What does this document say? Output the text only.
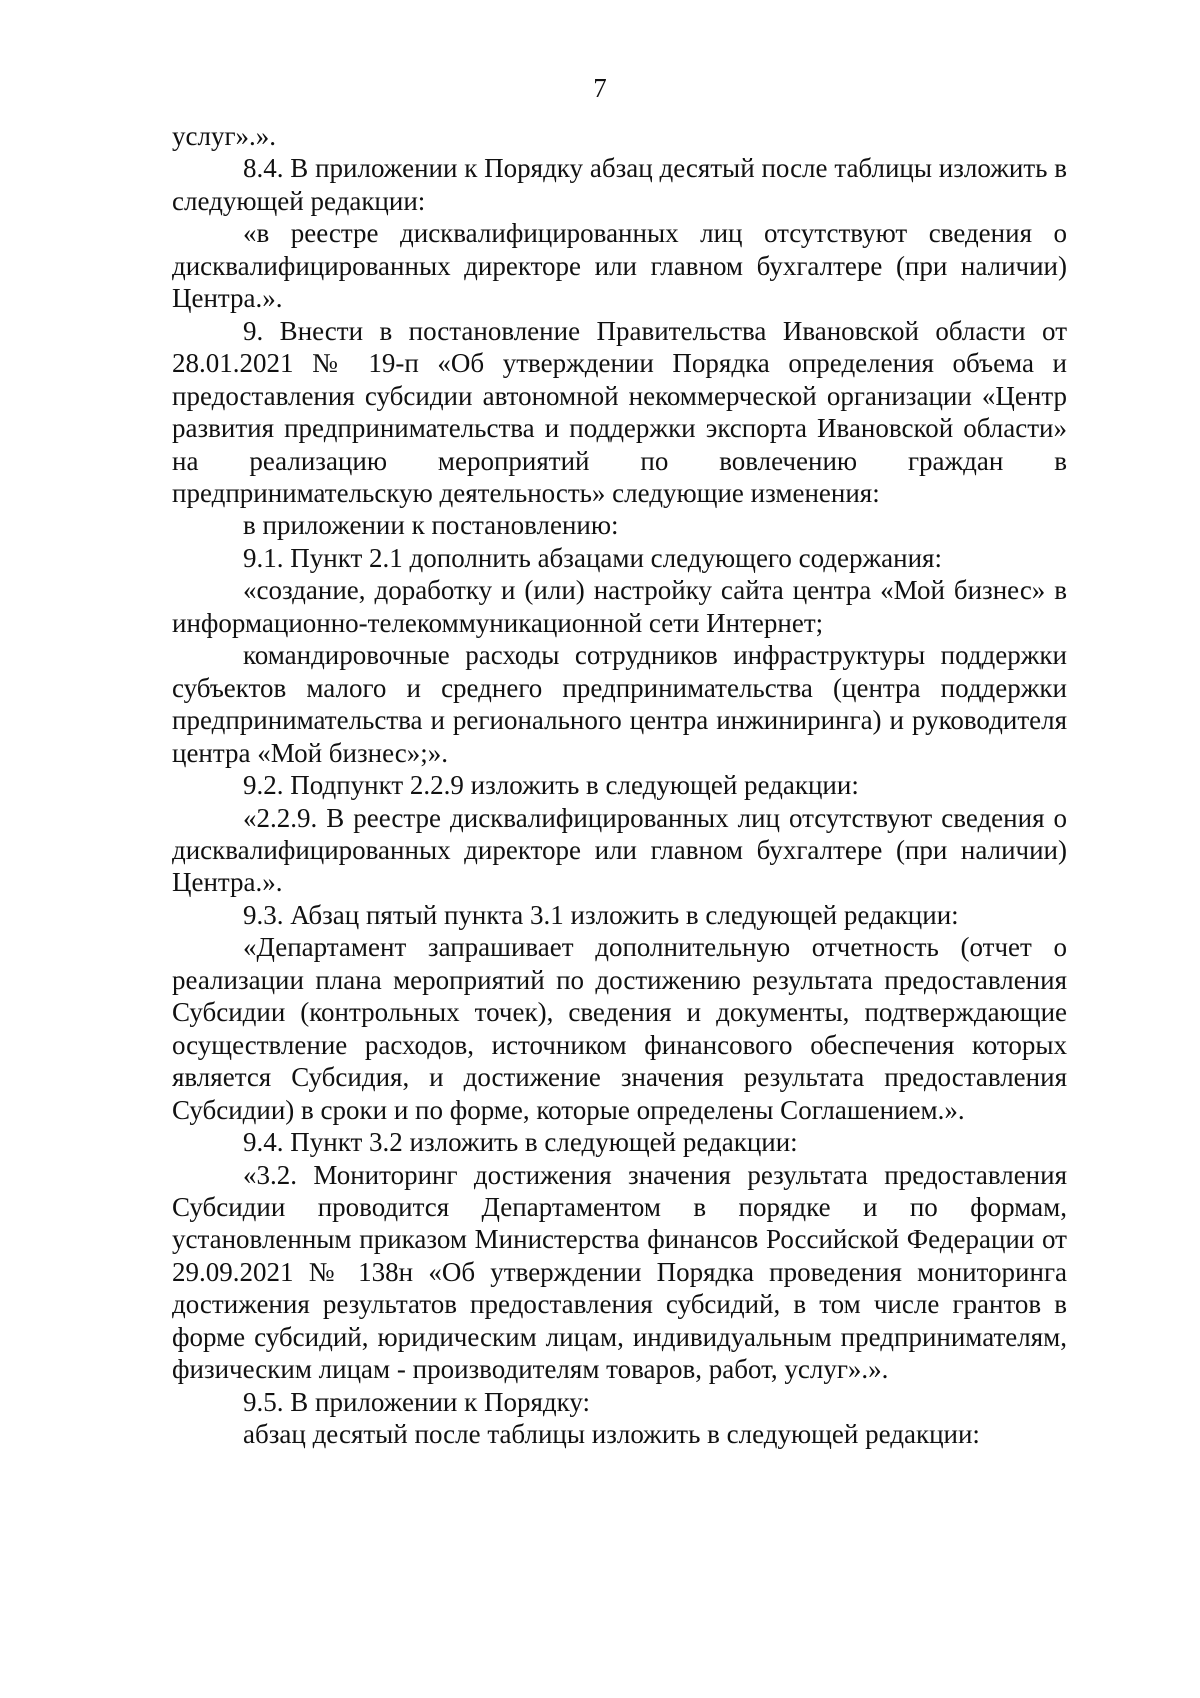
7

услуг».».

8.4. В приложении к Порядку абзац десятый после таблицы изложить в следующей редакции:

«в реестре дисквалифицированных лиц отсутствуют сведения о дисквалифицированных директоре или главном бухгалтере (при наличии) Центра.».

9. Внести в постановление Правительства Ивановской области от 28.01.2021 № 19-п «Об утверждении Порядка определения объема и предоставления субсидии автономной некоммерческой организации «Центр развития предпринимательства и поддержки экспорта Ивановской области» на реализацию мероприятий по вовлечению граждан в предпринимательскую деятельность» следующие изменения:

в приложении к постановлению:

9.1. Пункт 2.1 дополнить абзацами следующего содержания:

«создание, доработку и (или) настройку сайта центра «Мой бизнес» в информационно-телекоммуникационной сети Интернет;

командировочные расходы сотрудников инфраструктуры поддержки субъектов малого и среднего предпринимательства (центра поддержки предпринимательства и регионального центра инжиниринга) и руководителя центра «Мой бизнес»;».

9.2. Подпункт 2.2.9 изложить в следующей редакции:

«2.2.9. В реестре дисквалифицированных лиц отсутствуют сведения о дисквалифицированных директоре или главном бухгалтере (при наличии) Центра.».

9.3. Абзац пятый пункта 3.1 изложить в следующей редакции:

«Департамент запрашивает дополнительную отчетность (отчет о реализации плана мероприятий по достижению результата предоставления Субсидии (контрольных точек), сведения и документы, подтверждающие осуществление расходов, источником финансового обеспечения которых является Субсидия, и достижение значения результата предоставления Субсидии) в сроки и по форме, которые определены Соглашением.».

9.4. Пункт 3.2 изложить в следующей редакции:

«3.2. Мониторинг достижения значения результата предоставления Субсидии проводится Департаментом в порядке и по формам, установленным приказом Министерства финансов Российской Федерации от 29.09.2021 № 138н «Об утверждении Порядка проведения мониторинга достижения результатов предоставления субсидий, в том числе грантов в форме субсидий, юридическим лицам, индивидуальным предпринимателям, физическим лицам - производителям товаров, работ, услуг».».

9.5. В приложении к Порядку:

абзац десятый после таблицы изложить в следующей редакции:
